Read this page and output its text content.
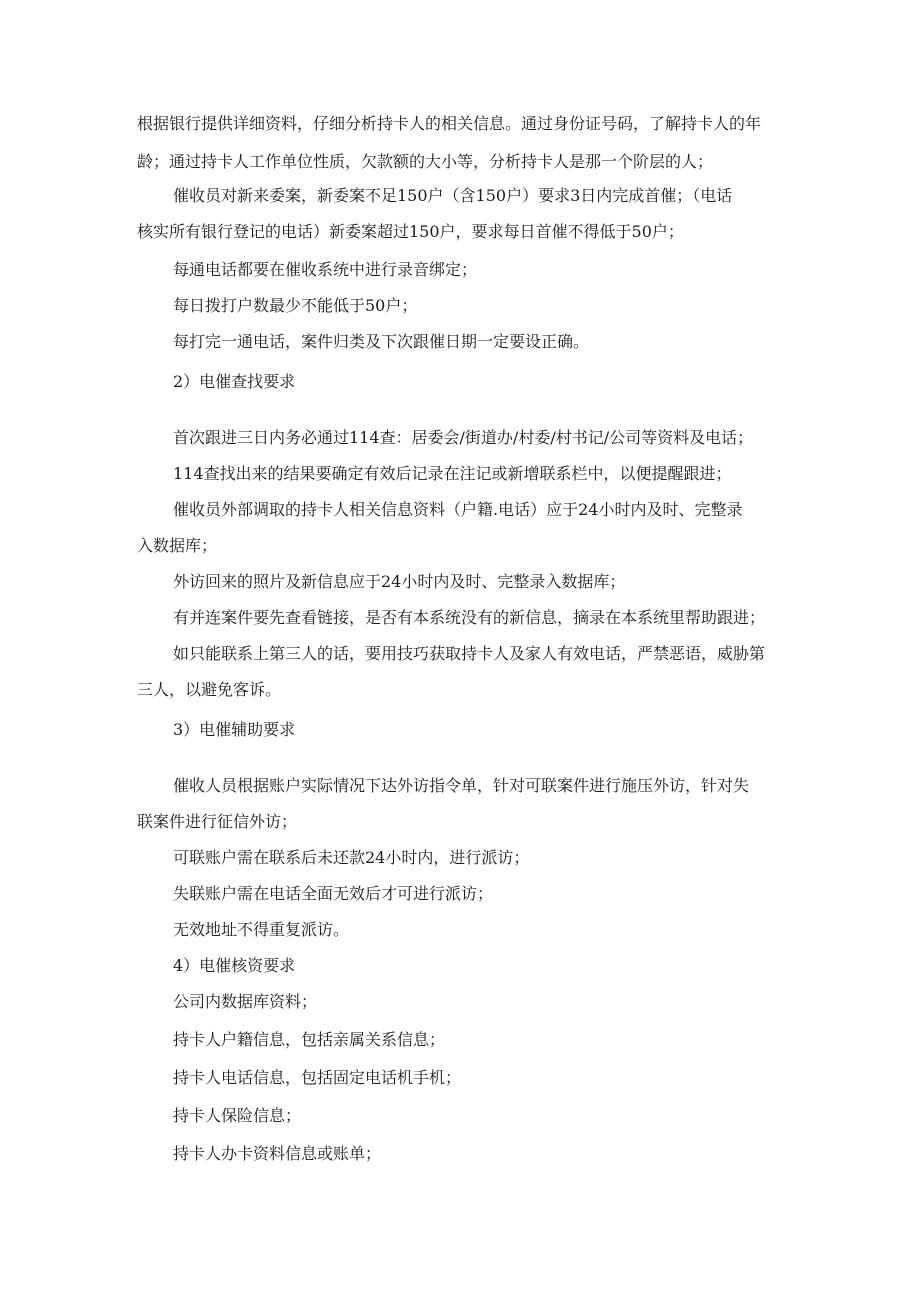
根据银行提供详细资料，仔细分析持卡人的相关信息。通过身份证号码，了解持卡人的年
龄；通过持卡人工作单位性质，欠款额的大小等，分析持卡人是那一个阶层的人；
催收员对新来委案，新委案不足150户（含150户）要求3日内完成首催；（电话
核实所有银行登记的电话）新委案超过150户，要求每日首催不得低于50户；
每通电话都要在催收系统中进行录音绑定；
每日拨打户数最少不能低于50户；
每打完一通电话，案件归类及下次跟催日期一定要设正确。
2）电催查找要求
首次跟进三日内务必通过114查：居委会/街道办/村委/村书记/公司等资料及电话；
114查找出来的结果要确定有效后记录在注记或新增联系栏中，以便提醒跟进；
催收员外部调取的持卡人相关信息资料（户籍.电话）应于24小时内及时、完整录
入数据库；
外访回来的照片及新信息应于24小时内及时、完整录入数据库；
有并连案件要先查看链接，是否有本系统没有的新信息，摘录在本系统里帮助跟进；
如只能联系上第三人的话，要用技巧获取持卡人及家人有效电话，严禁恶语，威胁第
三人，以避免客诉。
3）电催辅助要求
催收人员根据账户实际情况下达外访指令单，针对可联案件进行施压外访，针对失
联案件进行征信外访；
可联账户需在联系后未还款24小时内，进行派访；
失联账户需在电话全面无效后才可进行派访；
无效地址不得重复派访。
4）电催核资要求
公司内数据库资料；
持卡人户籍信息，包括亲属关系信息；
持卡人电话信息，包括固定电话机手机；
持卡人保险信息；
持卡人办卡资料信息或账单；
